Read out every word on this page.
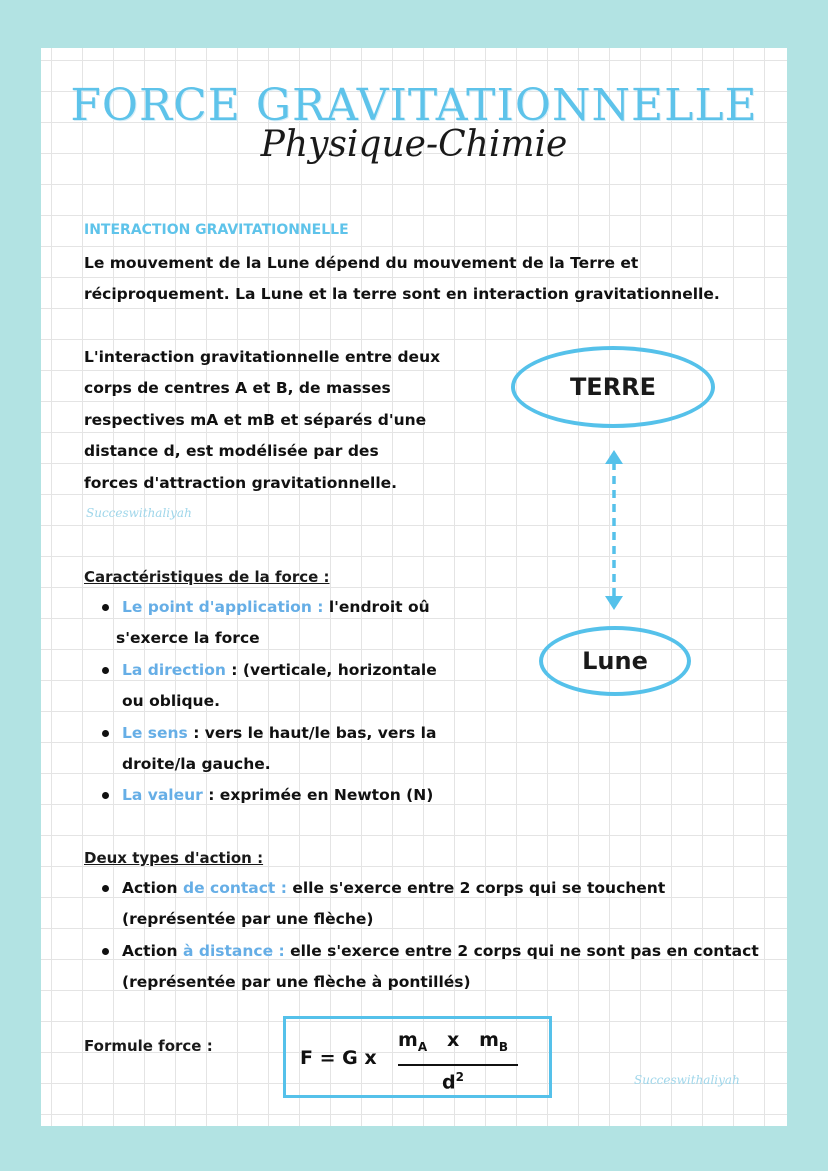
FORCE GRAVITATIONNELLE
Physique-Chimie
INTERACTION GRAVITATIONNELLE
Le mouvement de la Lune dépend du mouvement de la Terre et
réciproquement. La Lune et la terre sont en interaction gravitationnelle.
L'interaction gravitationnelle entre deux
corps de centres A et B, de masses
respectives mA et mB et séparés d'une
distance d, est modélisée par des
forces d'attraction gravitationnelle.
Succeswithaliyah
TERRE
Lune
Caractéristiques de la force :
Le point d'application : l'endroit oû
s'exerce la force
La direction : (verticale, horizontale
ou oblique.
Le sens : vers le haut/le bas, vers la
droite/la gauche.
La valeur : exprimée en Newton (N)
Deux types d'action :
Action de contact : elle s'exerce entre 2 corps qui se touchent
(représentée par une flèche)
Action à distance : elle s'exerce entre 2 corps qui ne sont pas en contact
(représentée par une flèche à pontillés)
Formule force :
F = G x
$m_A$ x $m_B$
$d^2$	Succeswithaliyah
